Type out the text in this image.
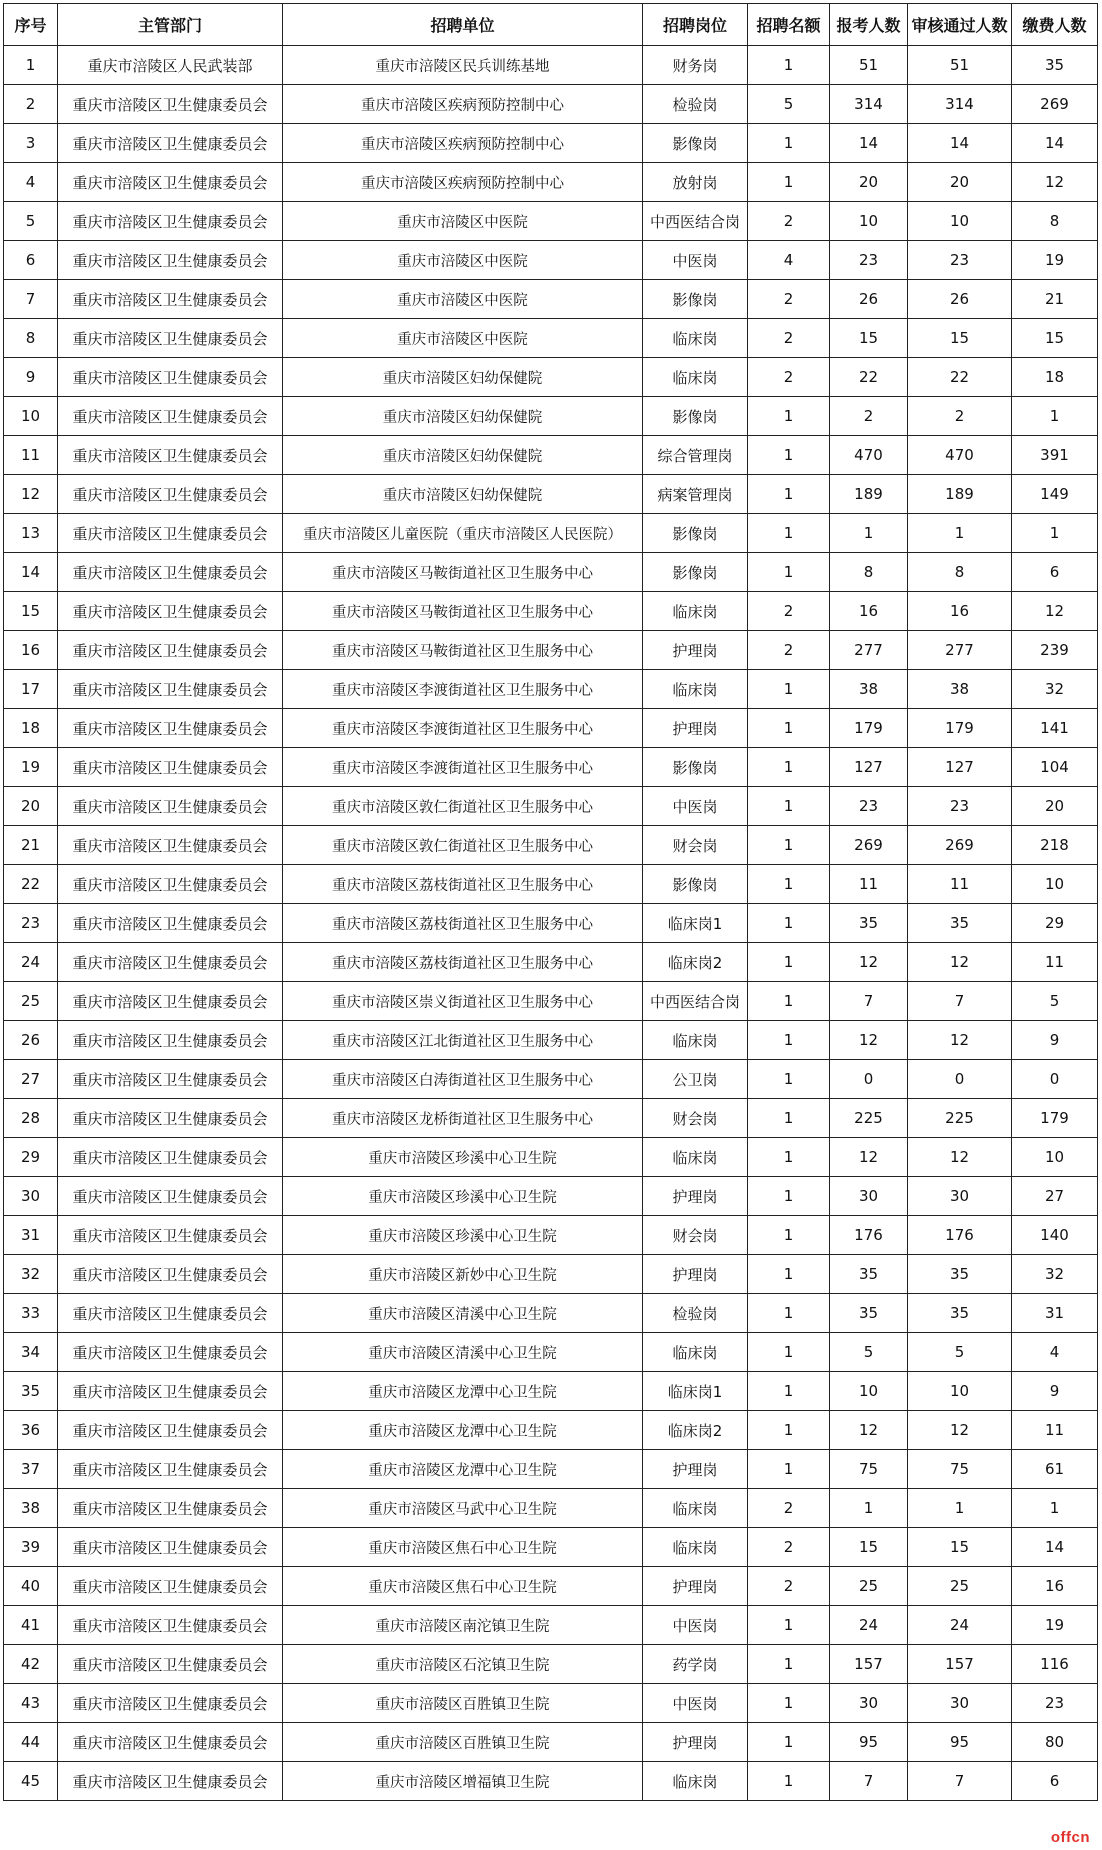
序号	主管部门	招聘单位	招聘岗位	招聘名额	报考人数	审核通过人数	缴费人数
1	重庆市涪陵区人民武装部	重庆市涪陵区民兵训练基地	财务岗	1	51	51	35
2	重庆市涪陵区卫生健康委员会	重庆市涪陵区疾病预防控制中心	检验岗	5	314	314	269
3	重庆市涪陵区卫生健康委员会	重庆市涪陵区疾病预防控制中心	影像岗	1	14	14	14
4	重庆市涪陵区卫生健康委员会	重庆市涪陵区疾病预防控制中心	放射岗	1	20	20	12
5	重庆市涪陵区卫生健康委员会	重庆市涪陵区中医院	中西医结合岗	2	10	10	8
6	重庆市涪陵区卫生健康委员会	重庆市涪陵区中医院	中医岗	4	23	23	19
7	重庆市涪陵区卫生健康委员会	重庆市涪陵区中医院	影像岗	2	26	26	21
8	重庆市涪陵区卫生健康委员会	重庆市涪陵区中医院	临床岗	2	15	15	15
9	重庆市涪陵区卫生健康委员会	重庆市涪陵区妇幼保健院	临床岗	2	22	22	18
10	重庆市涪陵区卫生健康委员会	重庆市涪陵区妇幼保健院	影像岗	1	2	2	1
11	重庆市涪陵区卫生健康委员会	重庆市涪陵区妇幼保健院	综合管理岗	1	470	470	391
12	重庆市涪陵区卫生健康委员会	重庆市涪陵区妇幼保健院	病案管理岗	1	189	189	149
13	重庆市涪陵区卫生健康委员会	重庆市涪陵区儿童医院（重庆市涪陵区人民医院）	影像岗	1	1	1	1
14	重庆市涪陵区卫生健康委员会	重庆市涪陵区马鞍街道社区卫生服务中心	影像岗	1	8	8	6
15	重庆市涪陵区卫生健康委员会	重庆市涪陵区马鞍街道社区卫生服务中心	临床岗	2	16	16	12
16	重庆市涪陵区卫生健康委员会	重庆市涪陵区马鞍街道社区卫生服务中心	护理岗	2	277	277	239
17	重庆市涪陵区卫生健康委员会	重庆市涪陵区李渡街道社区卫生服务中心	临床岗	1	38	38	32
18	重庆市涪陵区卫生健康委员会	重庆市涪陵区李渡街道社区卫生服务中心	护理岗	1	179	179	141
19	重庆市涪陵区卫生健康委员会	重庆市涪陵区李渡街道社区卫生服务中心	影像岗	1	127	127	104
20	重庆市涪陵区卫生健康委员会	重庆市涪陵区敦仁街道社区卫生服务中心	中医岗	1	23	23	20
21	重庆市涪陵区卫生健康委员会	重庆市涪陵区敦仁街道社区卫生服务中心	财会岗	1	269	269	218
22	重庆市涪陵区卫生健康委员会	重庆市涪陵区荔枝街道社区卫生服务中心	影像岗	1	11	11	10
23	重庆市涪陵区卫生健康委员会	重庆市涪陵区荔枝街道社区卫生服务中心	临床岗1	1	35	35	29
24	重庆市涪陵区卫生健康委员会	重庆市涪陵区荔枝街道社区卫生服务中心	临床岗2	1	12	12	11
25	重庆市涪陵区卫生健康委员会	重庆市涪陵区崇义街道社区卫生服务中心	中西医结合岗	1	7	7	5
26	重庆市涪陵区卫生健康委员会	重庆市涪陵区江北街道社区卫生服务中心	临床岗	1	12	12	9
27	重庆市涪陵区卫生健康委员会	重庆市涪陵区白涛街道社区卫生服务中心	公卫岗	1	0	0	0
28	重庆市涪陵区卫生健康委员会	重庆市涪陵区龙桥街道社区卫生服务中心	财会岗	1	225	225	179
29	重庆市涪陵区卫生健康委员会	重庆市涪陵区珍溪中心卫生院	临床岗	1	12	12	10
30	重庆市涪陵区卫生健康委员会	重庆市涪陵区珍溪中心卫生院	护理岗	1	30	30	27
31	重庆市涪陵区卫生健康委员会	重庆市涪陵区珍溪中心卫生院	财会岗	1	176	176	140
32	重庆市涪陵区卫生健康委员会	重庆市涪陵区新妙中心卫生院	护理岗	1	35	35	32
33	重庆市涪陵区卫生健康委员会	重庆市涪陵区清溪中心卫生院	检验岗	1	35	35	31
34	重庆市涪陵区卫生健康委员会	重庆市涪陵区清溪中心卫生院	临床岗	1	5	5	4
35	重庆市涪陵区卫生健康委员会	重庆市涪陵区龙潭中心卫生院	临床岗1	1	10	10	9
36	重庆市涪陵区卫生健康委员会	重庆市涪陵区龙潭中心卫生院	临床岗2	1	12	12	11
37	重庆市涪陵区卫生健康委员会	重庆市涪陵区龙潭中心卫生院	护理岗	1	75	75	61
38	重庆市涪陵区卫生健康委员会	重庆市涪陵区马武中心卫生院	临床岗	2	1	1	1
39	重庆市涪陵区卫生健康委员会	重庆市涪陵区焦石中心卫生院	临床岗	2	15	15	14
40	重庆市涪陵区卫生健康委员会	重庆市涪陵区焦石中心卫生院	护理岗	2	25	25	16
41	重庆市涪陵区卫生健康委员会	重庆市涪陵区南沱镇卫生院	中医岗	1	24	24	19
42	重庆市涪陵区卫生健康委员会	重庆市涪陵区石沱镇卫生院	药学岗	1	157	157	116
43	重庆市涪陵区卫生健康委员会	重庆市涪陵区百胜镇卫生院	中医岗	1	30	30	23
44	重庆市涪陵区卫生健康委员会	重庆市涪陵区百胜镇卫生院	护理岗	1	95	95	80
45	重庆市涪陵区卫生健康委员会	重庆市涪陵区增福镇卫生院	临床岗	1	7	7	6
offcn
